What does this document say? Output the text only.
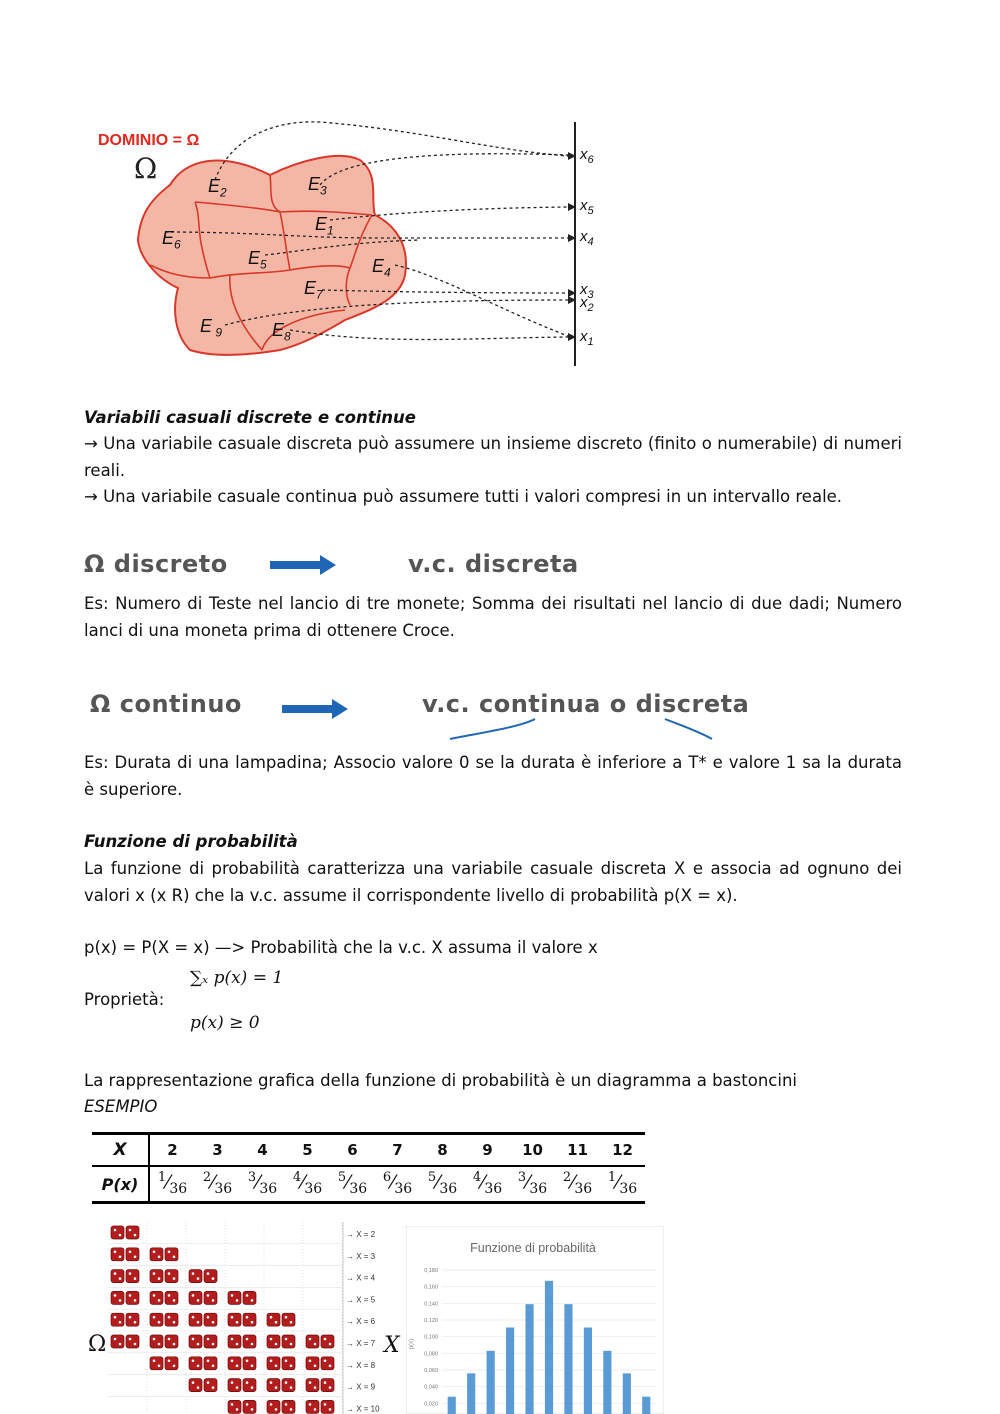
DOMINIO = Ω
Ω
$E_2$	$E_3$
$E_1$
$E_6$
$E_5$	$E_4$
$E_7$
E $_9$	$E_8$
$x_6$
$x_5$
$x_4$
$x_3$
$x_2$
$x_1$
Variabili casuali discrete e continue
→ Una variabile casuale discreta può assumere un insieme discreto (finito o numerabile) di numeri reali.
→ Una variabile casuale continua può assumere tutti i valori compresi in un intervallo reale.
Ω discreto	v.c. discreta
Es: Numero di Teste nel lancio di tre monete; Somma dei risultati nel lancio di due dadi; Numero lanci di una moneta prima di ottenere Croce.
Ω continuo	v.c. continua o discreta
Es: Durata di una lampadina; Associo valore 0 se la durata è inferiore a T* e valore 1 sa la durata è superiore.
Funzione di probabilità
La funzione di probabilità caratterizza una variabile casuale discreta X e associa ad ognuno dei valori x (x R) che la v.c. assume il corrispondente livello di probabilità p(X = x).
p(x) = P(X = x) —> Probabilità che la v.c. X assuma il valore x
Proprietà:
∑ₓ p(x) = 1
p(x) ≥ 0
La rappresentazione grafica della funzione di probabilità è un diagramma a bastoncini
ESEMPIO
X	2	3	4	5	6	7	8	9	10	11	12
P(x)	$^1⁄_{36}$	$^2⁄_{36}$	$^3⁄_{36}$	$^4⁄_{36}$	$^5⁄_{36}$	$^6⁄_{36}$	$^5⁄_{36}$	$^4⁄_{36}$	$^3⁄_{36}$	$^2⁄_{36}$	$^1⁄_{36}$
Ω	X
→ X = 2
→ X = 3
→ X = 4
→ X = 5
→ X = 6
→ X = 7
→ X = 8
→ X = 9
→ X = 10
Funzione di probabilità
p(x)
0,180
0,160
0,140
0,120
0,100
0,080
0,060
0,040
0,020
